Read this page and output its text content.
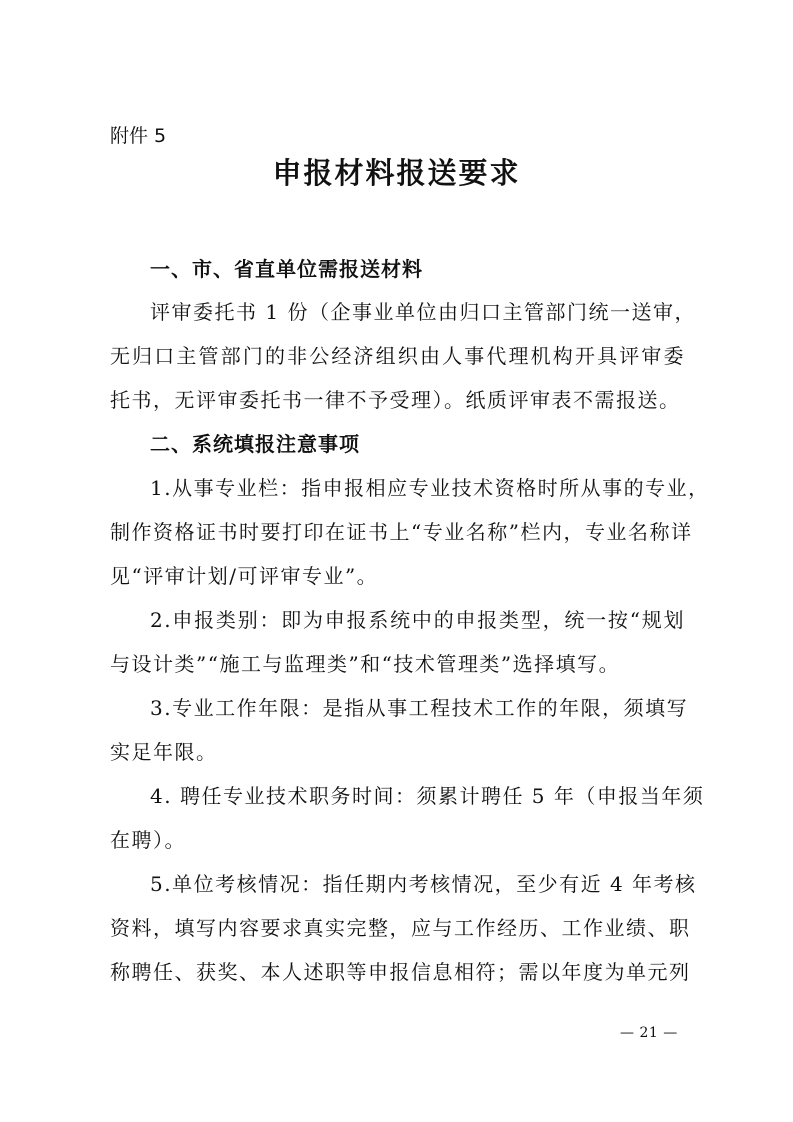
附件 5
申报材料报送要求
一、市、省直单位需报送材料
评审委托书 1 份（企事业单位由归口主管部门统一送审，
无归口主管部门的非公经济组织由人事代理机构开具评审委
托书，无评审委托书一律不予受理）。纸质评审表不需报送。
二、系统填报注意事项
1.从事专业栏：指申报相应专业技术资格时所从事的专业，
制作资格证书时要打印在证书上“专业名称”栏内，专业名称详
见“评审计划/可评审专业”。
2.申报类别：即为申报系统中的申报类型，统一按“规划
与设计类”“施工与监理类”和“技术管理类”选择填写。
3.专业工作年限：是指从事工程技术工作的年限，须填写
实足年限。
4. 聘任专业技术职务时间：须累计聘任 5 年（申报当年须
在聘）。
5.单位考核情况：指任期内考核情况，至少有近 4 年考核
资料，填写内容要求真实完整，应与工作经历、工作业绩、职
称聘任、获奖、本人述职等申报信息相符；需以年度为单元列
— 21 —
